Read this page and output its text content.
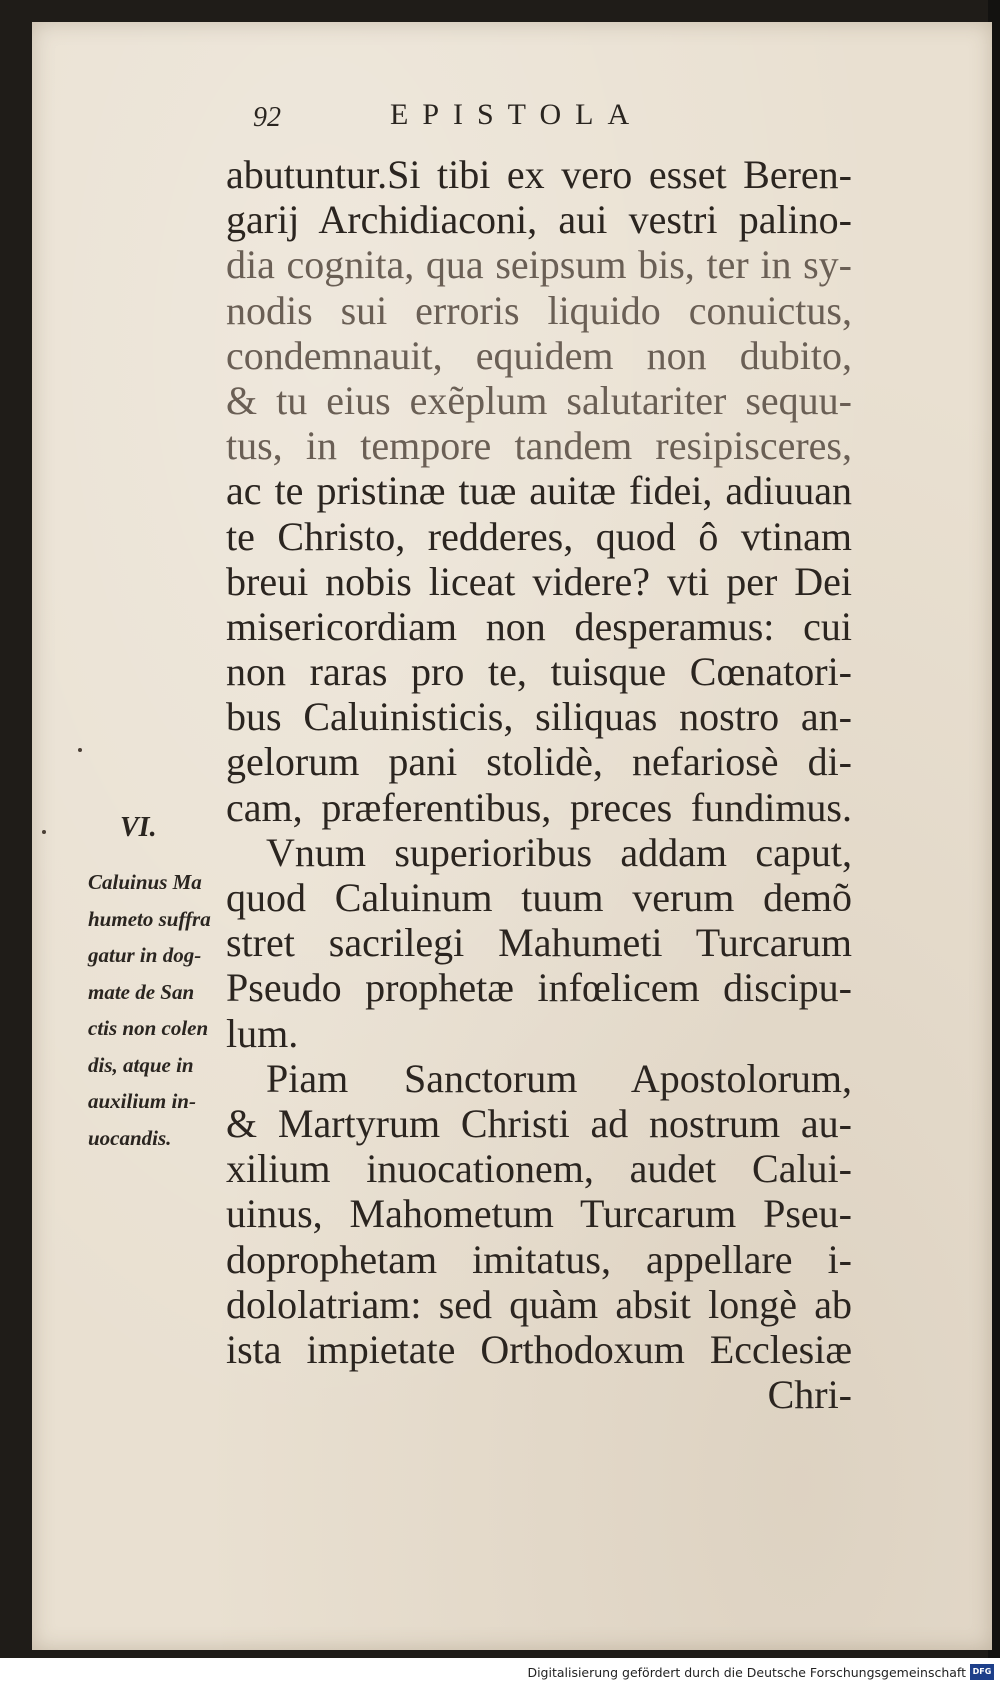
92	EPISTOLA
abutuntur.Si tibi ex vero esset Beren-
garij Archidiaconi, aui vestri palino-
dia cognita, qua seipsum bis, ter in sy-
nodis sui erroris liquido conuictus,
condemnauit, equidem non dubito,
& tu eius exẽplum salutariter sequu-
tus, in tempore tandem resipisceres,
ac te pristinæ tuæ auitæ fidei, adiuuan
te Christo, redderes, quod ô vtinam
breui nobis liceat videre? vti per Dei
misericordiam non desperamus: cui
non raras pro te, tuisque Cœnatori-
bus Caluinisticis, siliquas nostro an-
gelorum pani stolidè, nefariosè di-
cam, præferentibus, preces fundimus.
Vnum superioribus addam caput,
quod Caluinum tuum verum demõ
stret sacrilegi Mahumeti Turcarum
Pseudo prophetæ infœlicem discipu-
lum.
Piam Sanctorum Apostolorum,
& Martyrum Christi ad nostrum au-
xilium inuocationem, audet Calui-
uinus, Mahometum Turcarum Pseu-
doprophetam imitatus, appellare i-
dololatriam: sed quàm absit longè ab
ista impietate Orthodoxum Ecclesiæ
Chri-
VI.
Caluinus Ma
humeto suffra
gatur in dog-
mate de San
ctis non colen
dis, atque in
auxilium in-
uocandis.
Digitalisierung gefördert durch die Deutsche Forschungsgemeinschaft DFG
